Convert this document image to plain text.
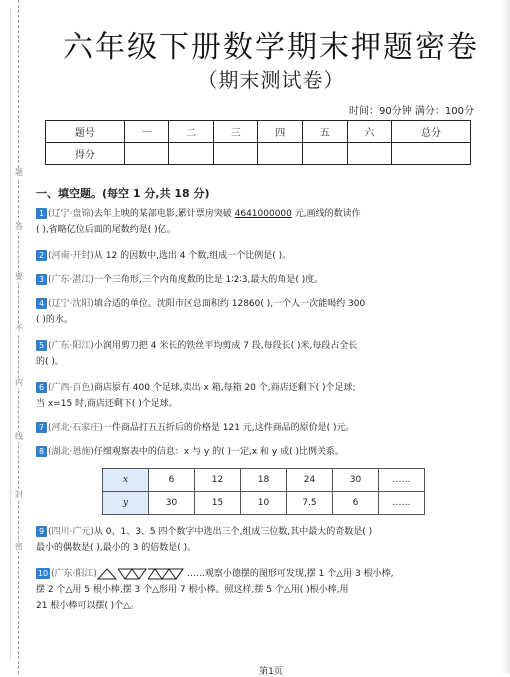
题
答
要
不
内
线
封
密
六年级下册数学期末押题密卷
（期末测试卷）
时间：90分钟 满分：100分
题号	一	二	三	四	五	六	总分
得分							
一、填空题。(每空 1 分,共 18 分)
1 (辽宁·盘锦)去年上映的某部电影,累计票房突破 4641000000 元,画线的数读作
( ),省略亿位后面的尾数约是( )亿。
2 (河南·开封)从 12 的因数中,选出 4 个数,组成一个比例是( )。
3 (广东·湛江)一个三角形,三个内角度数的比是 1∶2∶3,最大的角是( )度。
4 (辽宁·沈阳)填合适的单位。沈阳市区总面积约 12860( ),一个人一次能喝约 300
( )的水。
5 (广东·阳江)小润用剪刀把 4 米长的铁丝平均剪成 7 段,每段长( )米,每段占全长
的( )。
6 (广西·百色)商店原有 400 个足球,卖出 x 箱,每箱 20 个,商店还剩下( )个足球;
当 x=15 时,商店还剩下( )个足球。
7 (河北·石家庄)一件商品打五五折后的价格是 121 元,这件商品的原价是( )元。
8 (湖北·恩施)仔细观察表中的信息：x 与 y 的( )一定,x 和 y 成( )比例关系。
x	6	12	18	24	30	……
y	30	15	10	7.5	6	……
9 (四川·广元)从 0、1、3、5 四个数字中选出三个,组成三位数,其中最大的奇数是( )
最小的偶数是( ),最小的 3 的倍数是( )。
10 (广东·阳江)	……观察小德摆的图形可发现,摆 1 个△用 3 根小棒,
摆 2 个△用 5 根小棒,摆 3 个△形用 7 根小棒。照这样,摆 5 个△用( )根小棒,用
21 根小棒可以摆( )个△。
第1页
